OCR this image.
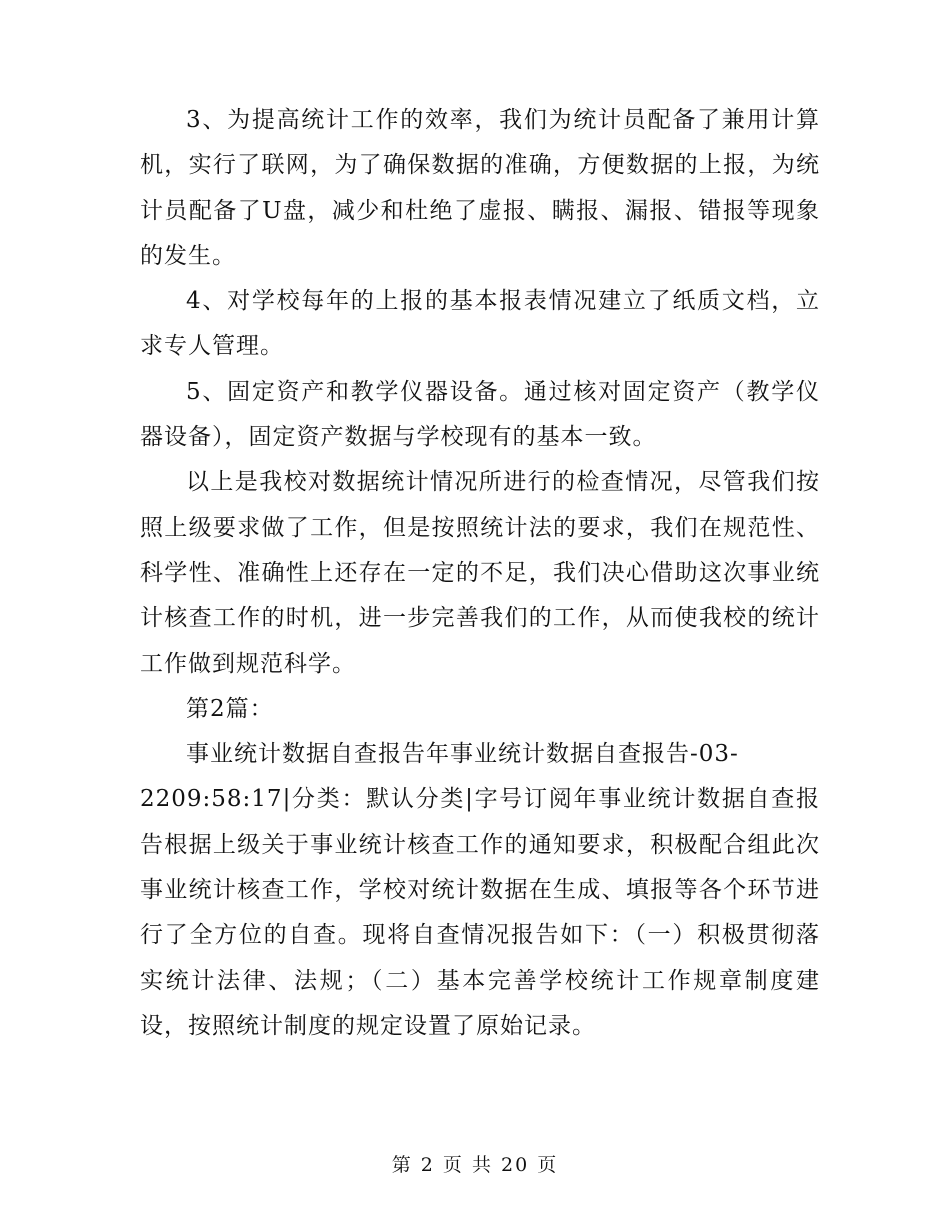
3、为提高统计工作的效率，我们为统计员配备了兼用计算机，实行了联网，为了确保数据的准确，方便数据的上报，为统计员配备了U盘，减少和杜绝了虚报、瞒报、漏报、错报等现象的发生。

4、对学校每年的上报的基本报表情况建立了纸质文档，立求专人管理。

5、固定资产和教学仪器设备。通过核对固定资产（教学仪器设备），固定资产数据与学校现有的基本一致。

以上是我校对数据统计情况所进行的检查情况，尽管我们按照上级要求做了工作，但是按照统计法的要求，我们在规范性、科学性、准确性上还存在一定的不足，我们决心借助这次事业统计核查工作的时机，进一步完善我们的工作，从而使我校的统计工作做到规范科学。

第2篇：

事业统计数据自查报告年事业统计数据自查报告-03-

2209:58:17|分类：默认分类|字号订阅年事业统计数据自查报告根据上级关于事业统计核查工作的通知要求，积极配合组此次事业统计核查工作，学校对统计数据在生成、填报等各个环节进行了全方位的自查。现将自查情况报告如下：（一）积极贯彻落实统计法律、法规；（二）基本完善学校统计工作规章制度建设，按照统计制度的规定设置了原始记录。

第 2 页 共 20 页
